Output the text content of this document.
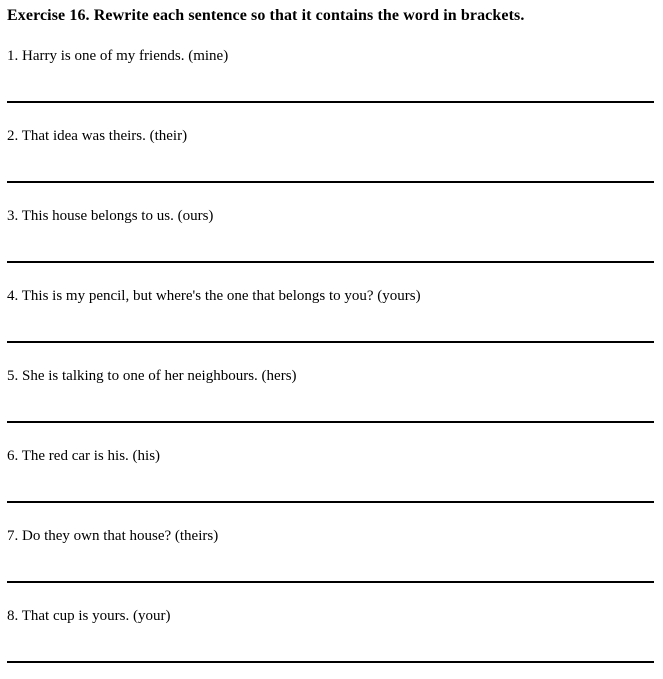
Exercise 16. Rewrite each sentence so that it contains the word in brackets.

1. Harry is one of my friends. (mine)

2. That idea was theirs. (their)

3. This house belongs to us. (ours)

4. This is my pencil, but where's the one that belongs to you? (yours)

5. She is talking to one of her neighbours. (hers)

6. The red car is his. (his)

7. Do they own that house? (theirs)

8. That cup is yours. (your)
